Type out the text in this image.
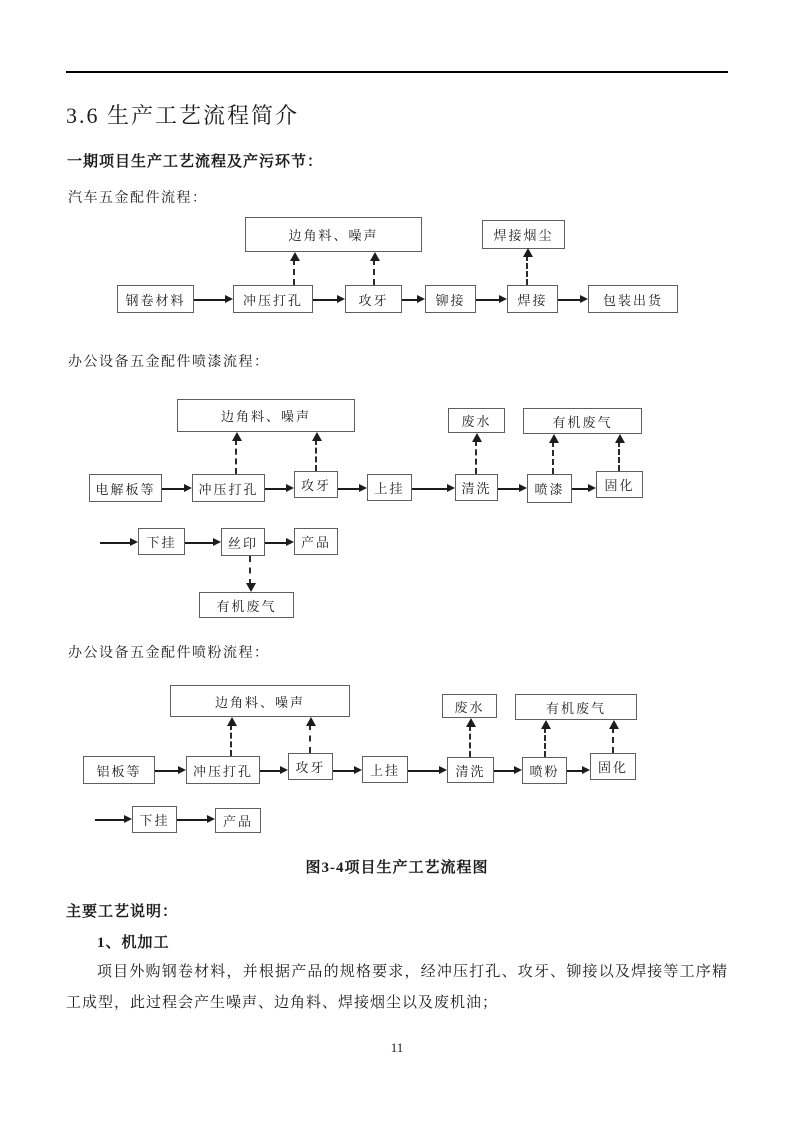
3.6 生产工艺流程简介
一期项目生产工艺流程及产污环节：
汽车五金配件流程：
边角料、噪声	焊接烟尘
钢卷材料	冲压打孔	攻牙	铆接	焊接	包装出货
办公设备五金配件喷漆流程：
边角料、噪声	废水	有机废气
电解板等	冲压打孔	攻牙	上挂	清洗	喷漆	固化
下挂	丝印	产品
有机废气
办公设备五金配件喷粉流程：
边角料、噪声	废水	有机废气
铝板等	冲压打孔	攻牙	上挂	清洗	喷粉	固化
下挂	产品
图3-4项目生产工艺流程图
主要工艺说明：
1、机加工
项目外购钢卷材料，并根据产品的规格要求，经冲压打孔、攻牙、铆接以及焊接等工序精工成型，此过程会产生噪声、边角料、焊接烟尘以及废机油；
11
